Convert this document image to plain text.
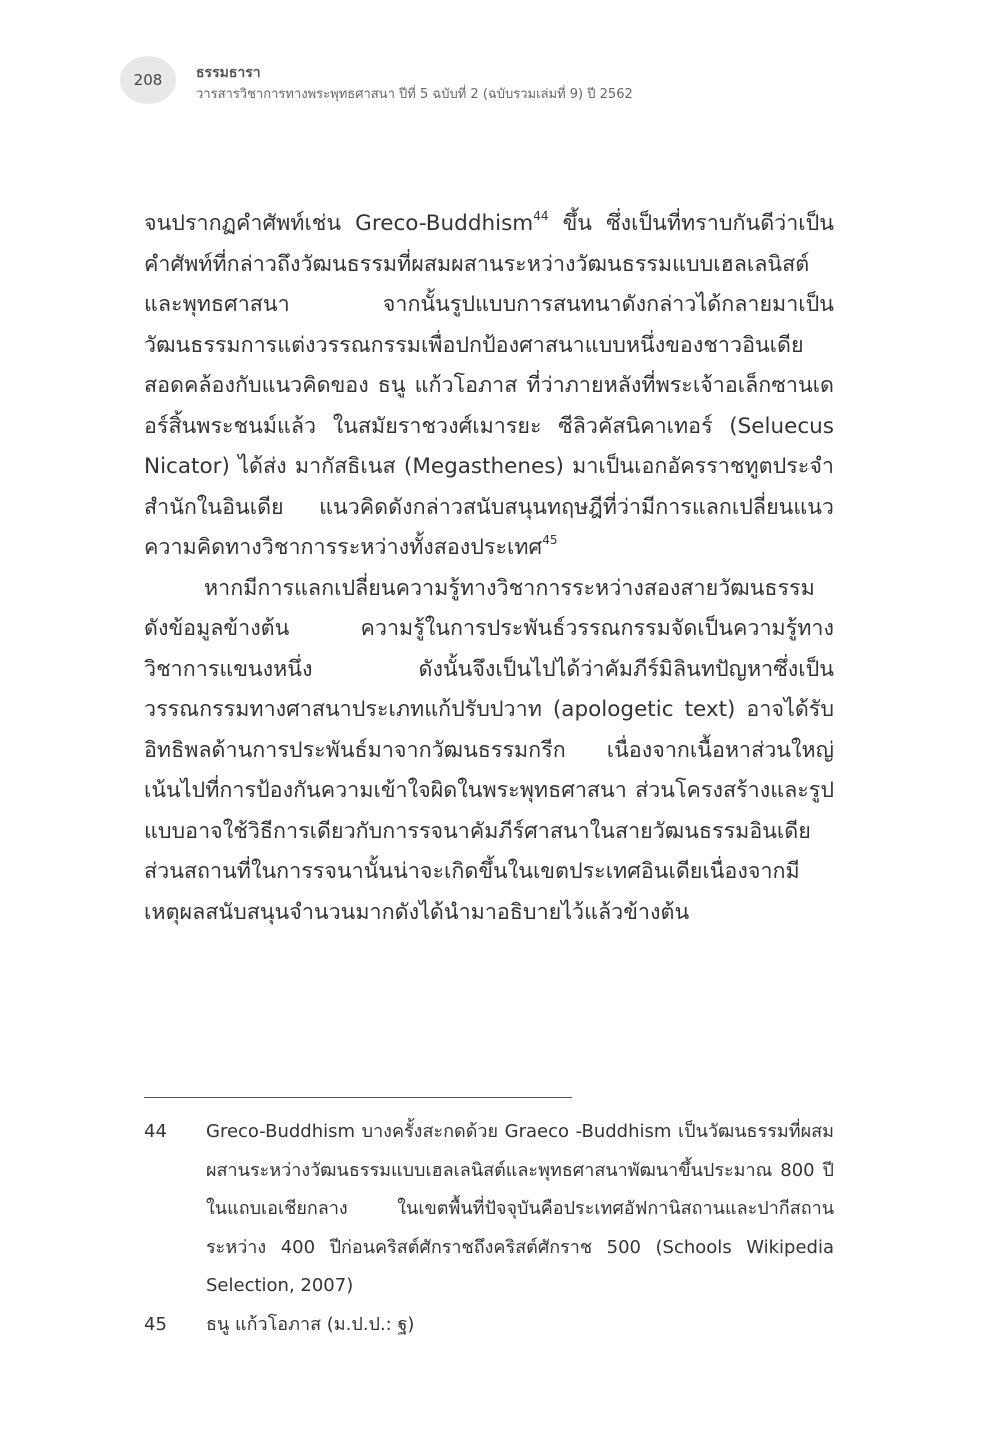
208 ธรรมธารา
วารสารวิชาการทางพระพุทธศาสนา ปีที่ 5 ฉบับที่ 2 (ฉบับรวมเล่มที่ 9) ปี 2562

จนปรากฏคำศัพท์เช่น Greco-Buddhism$^{44}$ ขึ้น ซึ่งเป็นที่ทราบกันดีว่าเป็นคำศัพท์ที่กล่าวถึงวัฒนธรรมที่ผสมผสานระหว่างวัฒนธรรมแบบเฮลเลนิสต์และพุทธศาสนา จากนั้นรูปแบบการสนทนาดังกล่าวได้กลายมาเป็นวัฒนธรรมการแต่งวรรณกรรมเพื่อปกป้องศาสนาแบบหนึ่งของชาวอินเดีย สอดคล้องกับแนวคิดของ ธนู แก้วโอภาส ที่ว่าภายหลังที่พระเจ้าอเล็กซานเดอร์สิ้นพระชนม์แล้ว ในสมัยราชวงศ์เมารยะ ซีลิวคัสนิคาเทอร์ (Seluecus Nicator) ได้ส่ง มากัสธิเนส (Megasthenes) มาเป็นเอกอัครราชทูตประจำสำนักในอินเดีย แนวคิดดังกล่าวสนับสนุนทฤษฎีที่ว่ามีการแลกเปลี่ยนแนวความคิดทางวิชาการระหว่างทั้งสองประเทศ$^{45}$

หากมีการแลกเปลี่ยนความรู้ทางวิชาการระหว่างสองสายวัฒนธรรมดังข้อมูลข้างต้น ความรู้ในการประพันธ์วรรณกรรมจัดเป็นความรู้ทางวิชาการแขนงหนึ่ง ดังนั้นจึงเป็นไปได้ว่าคัมภีร์มิลินทปัญหาซึ่งเป็นวรรณกรรมทางศาสนาประเภทแก้ปรับปวาท (apologetic text) อาจได้รับอิทธิพลด้านการประพันธ์มาจากวัฒนธรรมกรีก เนื่องจากเนื้อหาส่วนใหญ่เน้นไปที่การป้องกันความเข้าใจผิดในพระพุทธศาสนา ส่วนโครงสร้างและรูปแบบอาจใช้วิธีการเดียวกับการรจนาคัมภีร์ศาสนาในสายวัฒนธรรมอินเดีย ส่วนสถานที่ในการรจนานั้นน่าจะเกิดขึ้นในเขตประเทศอินเดียเนื่องจากมีเหตุผลสนับสนุนจำนวนมากดังได้นำมาอธิบายไว้แล้วข้างต้น

44	Greco-Buddhism บางครั้งสะกดด้วย Graeco -Buddhism เป็นวัฒนธรรมที่ผสมผสานระหว่างวัฒนธรรมแบบเฮลเลนิสต์และพุทธศาสนาพัฒนาขึ้นประมาณ 800 ปีในแถบเอเชียกลาง ในเขตพื้นที่ปัจจุบันคือประเทศอัฟกานิสถานและปากีสถาน ระหว่าง 400 ปีก่อนคริสต์ศักราชถึงคริสต์ศักราช 500 (Schools Wikipedia Selection, 2007)
45	ธนู แก้วโอภาส (ม.ป.ป.: ฐ)
